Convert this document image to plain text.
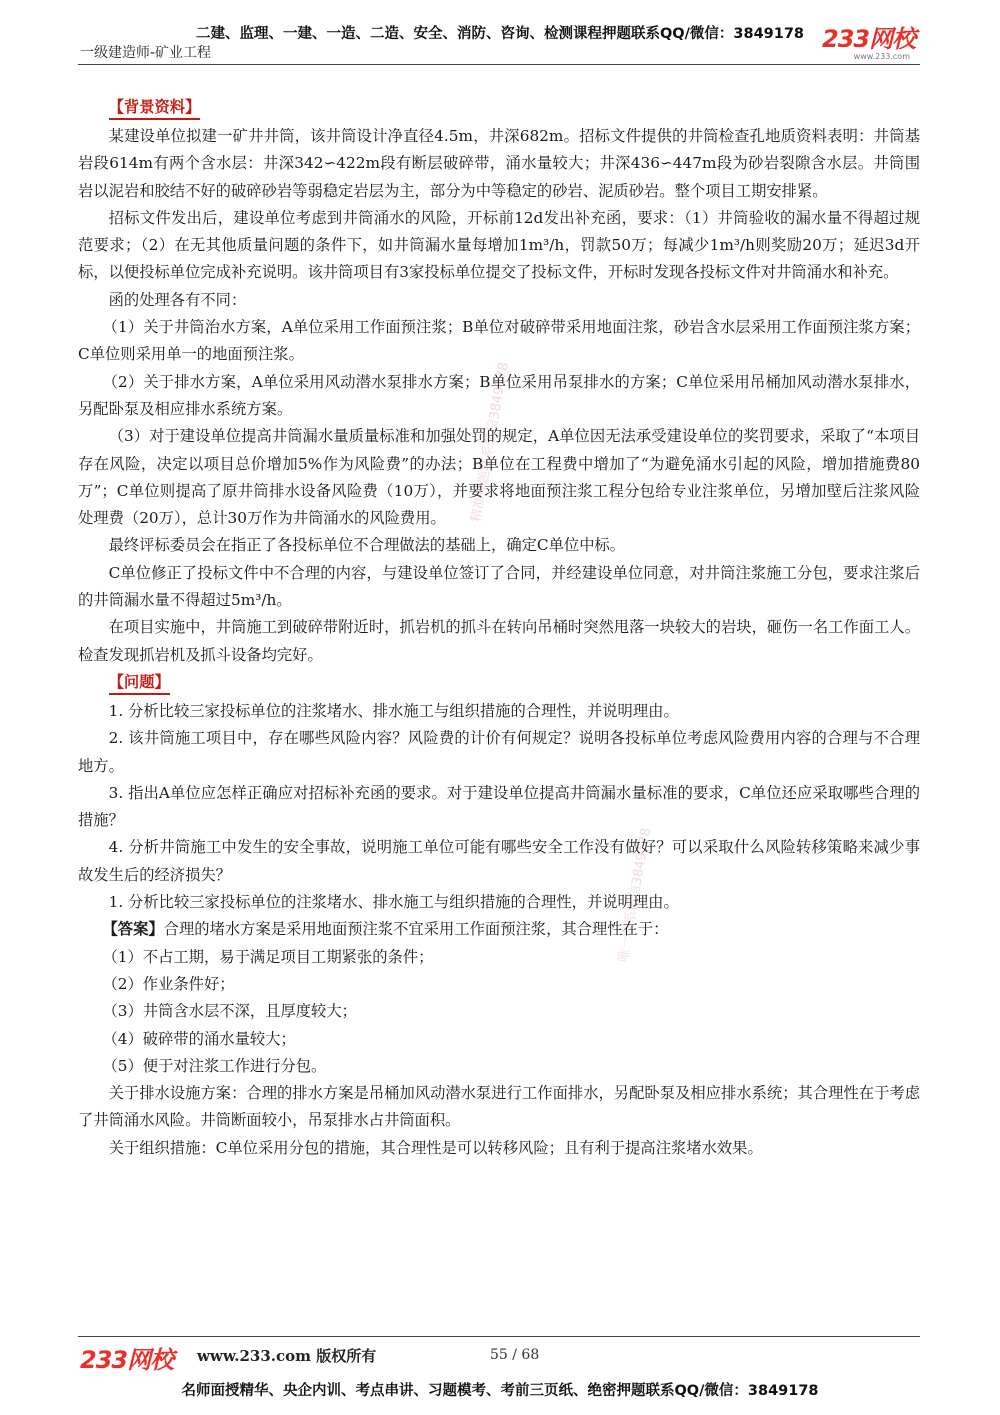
二建、监理、一建、一造、二造、安全、消防、咨询、检测课程押题联系QQ/微信：3849178
一级建造师-矿业工程	233网校
www.233.com
精准押题联系微信3849178
唯一联系微信3849178
【背景资料】

某建设单位拟建一矿井井筒，该井筒设计净直径4.5m，井深682m。招标文件提供的井筒检查孔地质资料表明：井筒基岩段614m有两个含水层：井深342∽422m段有断层破碎带，涌水量较大；井深436∽447m段为砂岩裂隙含水层。井筒围岩以泥岩和胶结不好的破碎砂岩等弱稳定岩层为主，部分为中等稳定的砂岩、泥质砂岩。整个项目工期安排紧。

招标文件发出后，建设单位考虑到井筒涌水的风险，开标前12d发出补充函，要求：（1）井筒验收的漏水量不得超过规范要求；（2）在无其他质量问题的条件下，如井筒漏水量每增加1m³/h，罚款50万；每减少1m³/h则奖励20万；延迟3d开标，以便投标单位完成补充说明。该井筒项目有3家投标单位提交了投标文件，开标时发现各投标文件对井筒涌水和补充。

函的处理各有不同：

（1）关于井筒治水方案，A单位采用工作面预注浆；B单位对破碎带采用地面注浆，砂岩含水层采用工作面预注浆方案；C单位则采用单一的地面预注浆。

（2）关于排水方案，A单位采用风动潜水泵排水方案；B单位采用吊泵排水的方案；C单位采用吊桶加风动潜水泵排水，另配卧泵及相应排水系统方案。

（3）对于建设单位提高井筒漏水量质量标准和加强处罚的规定，A单位因无法承受建设单位的奖罚要求，采取了“本项目存在风险，决定以项目总价增加5%作为风险费”的办法；B单位在工程费中增加了“为避免涌水引起的风险，增加措施费80万”；C单位则提高了原井筒排水设备风险费（10万），并要求将地面预注浆工程分包给专业注浆单位，另增加壁后注浆风险处理费（20万），总计30万作为井筒涌水的风险费用。

最终评标委员会在指正了各投标单位不合理做法的基础上，确定C单位中标。

C单位修正了投标文件中不合理的内容，与建设单位签订了合同，并经建设单位同意，对井筒注浆施工分包，要求注浆后的井筒漏水量不得超过5m³/h。

在项目实施中，井筒施工到破碎带附近时，抓岩机的抓斗在转向吊桶时突然甩落一块较大的岩块，砸伤一名工作面工人。检查发现抓岩机及抓斗设备均完好。

【问题】

1. 分析比较三家投标单位的注浆堵水、排水施工与组织措施的合理性，并说明理由。

2. 该井筒施工项目中，存在哪些风险内容？风险费的计价有何规定？说明各投标单位考虑风险费用内容的合理与不合理地方。

3. 指出A单位应怎样正确应对招标补充函的要求。对于建设单位提高井筒漏水量标准的要求，C单位还应采取哪些合理的措施？

4. 分析井筒施工中发生的安全事故，说明施工单位可能有哪些安全工作没有做好？可以采取什么风险转移策略来减少事故发生后的经济损失？

1. 分析比较三家投标单位的注浆堵水、排水施工与组织措施的合理性，并说明理由。

【答案】合理的堵水方案是采用地面预注浆不宜采用工作面预注浆，其合理性在于：

（1）不占工期，易于满足项目工期紧张的条件；

（2）作业条件好；

（3）井筒含水层不深，且厚度较大；

（4）破碎带的涌水量较大；

（5）便于对注浆工作进行分包。

关于排水设施方案：合理的排水方案是吊桶加风动潜水泵进行工作面排水，另配卧泵及相应排水系统；其合理性在于考虑了井筒涌水风险。井筒断面较小，吊泵排水占井筒面积。

关于组织措施：C单位采用分包的措施，其合理性是可以转移风险；且有利于提高注浆堵水效果。

233网校 www.233.com 版权所有	55 / 68
名师面授精华、央企内训、考点串讲、习题模考、考前三页纸、绝密押题联系QQ/微信：3849178
